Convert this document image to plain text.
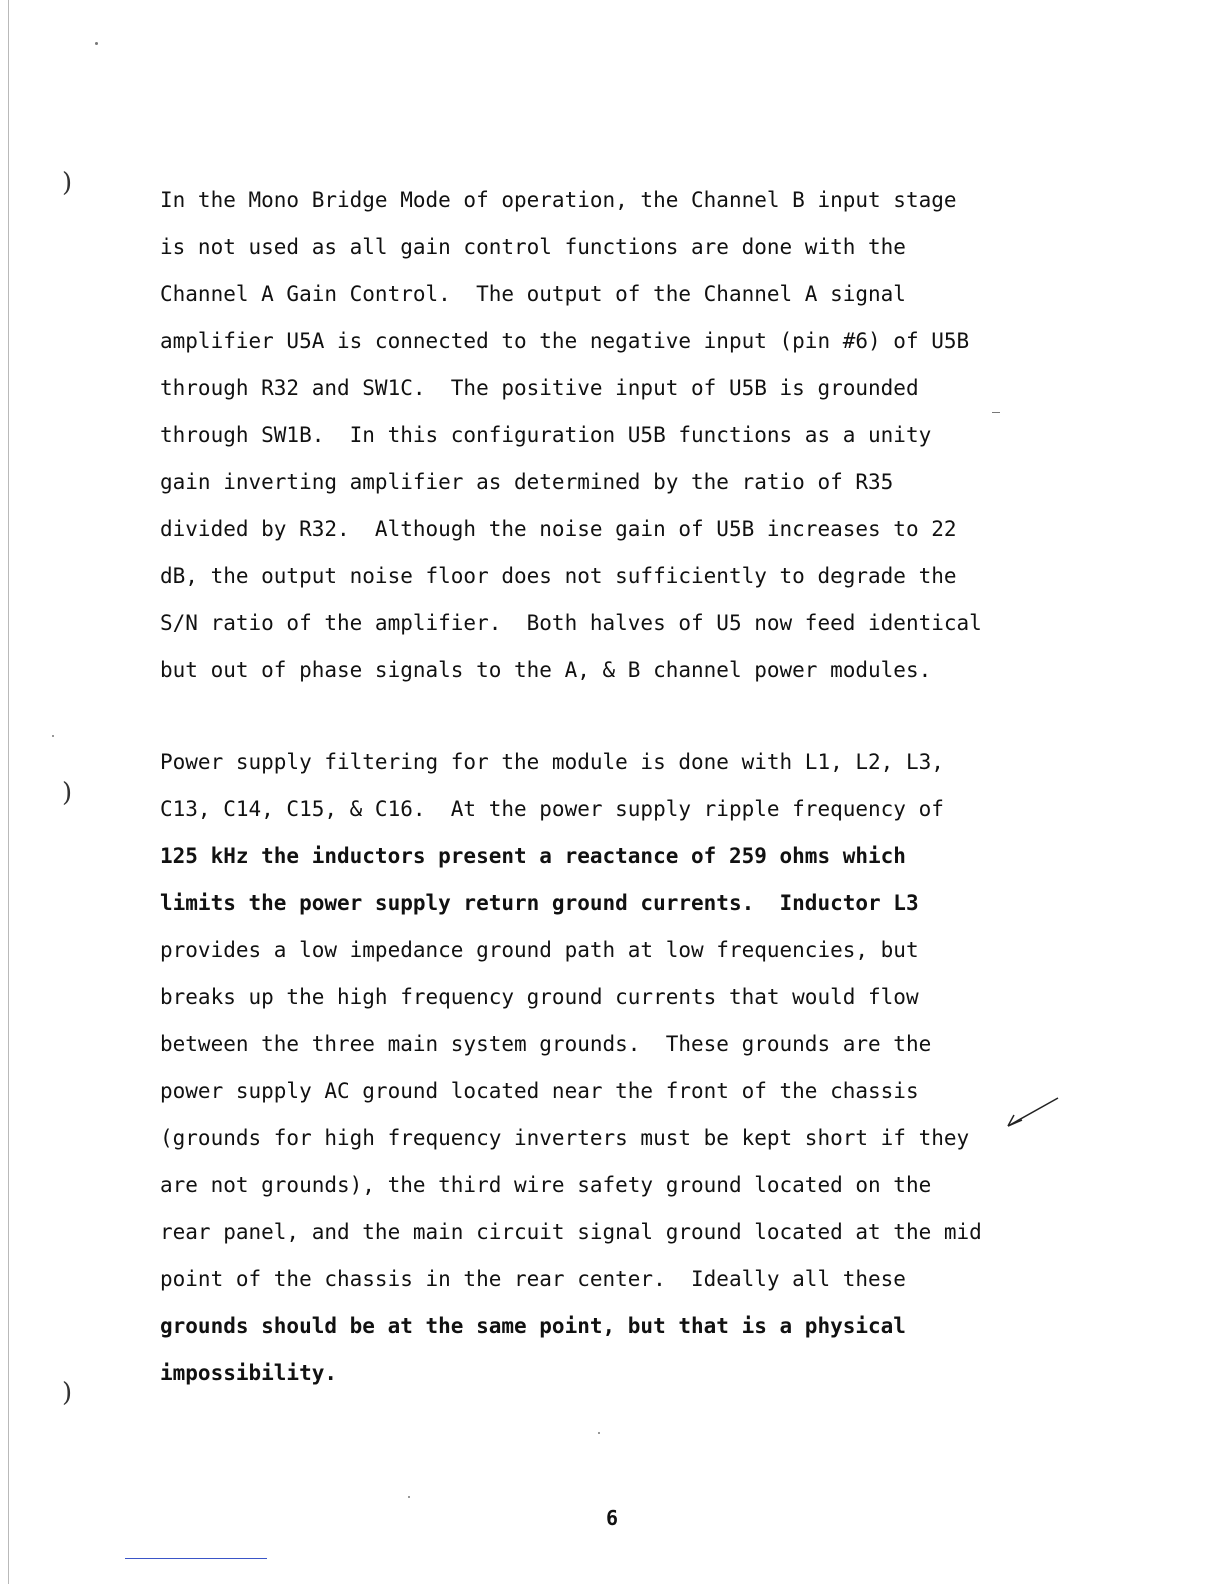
)
)
)
In the Mono Bridge Mode of operation, the Channel B input stage
is not used as all gain control functions are done with the
Channel A Gain Control.  The output of the Channel A signal
amplifier U5A is connected to the negative input (pin #6) of U5B
through R32 and SW1C.  The positive input of U5B is grounded
through SW1B.  In this configuration U5B functions as a unity
gain inverting amplifier as determined by the ratio of R35
divided by R32.  Although the noise gain of U5B increases to 22
dB, the output noise floor does not sufficiently to degrade the
S/N ratio of the amplifier.  Both halves of U5 now feed identical
but out of phase signals to the A, & B channel power modules.
Power supply filtering for the module is done with L1, L2, L3,
C13, C14, C15, & C16.  At the power supply ripple frequency of
125 kHz the inductors present a reactance of 259 ohms which
limits the power supply return ground currents.  Inductor L3
provides a low impedance ground path at low frequencies, but
breaks up the high frequency ground currents that would flow
between the three main system grounds.  These grounds are the
power supply AC ground located near the front of the chassis
(grounds for high frequency inverters must be kept short if they
are not grounds), the third wire safety ground located on the
rear panel, and the main circuit signal ground located at the mid
point of the chassis in the rear center.  Ideally all these
grounds should be at the same point, but that is a physical
impossibility.
6
